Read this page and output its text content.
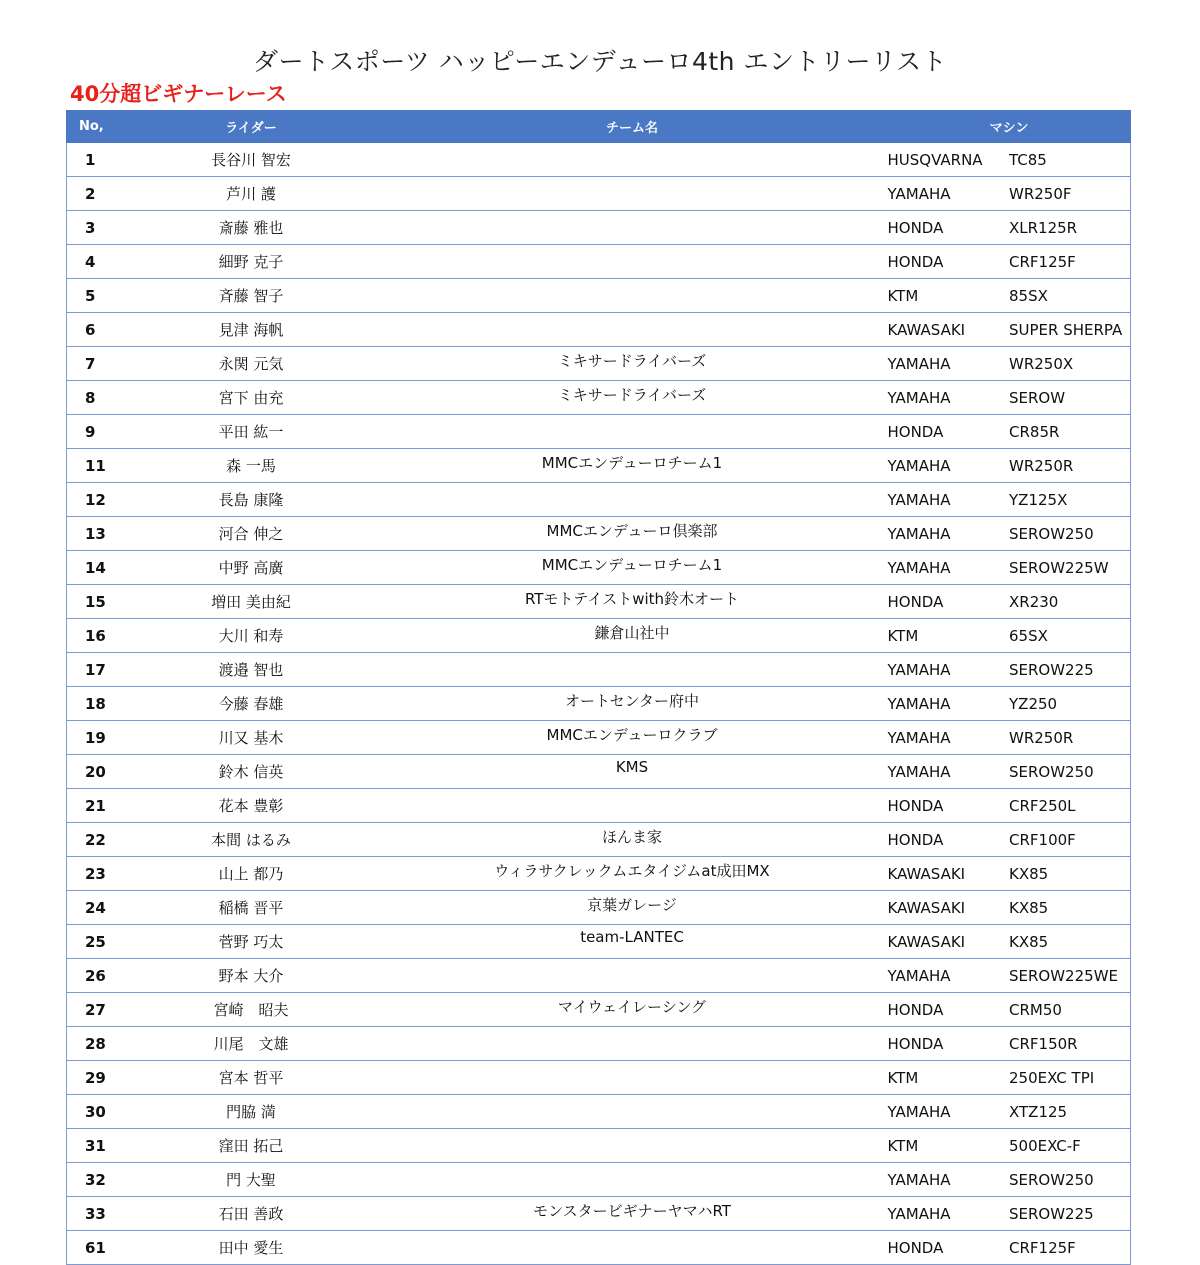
ダートスポーツ ハッピーエンデューロ4th エントリーリスト
40分超ビギナーレース
No,	ライダー	チーム名	マシン	
1	長谷川 智宏		HUSQVARNA	TC85
2	芦川 護		YAMAHA	WR250F
3	斎藤 雅也		HONDA	XLR125R
4	細野 克子		HONDA	CRF125F
5	斉藤 智子		KTM	85SX
6	見津 海帆		KAWASAKI	SUPER SHERPA
7	永関 元気	ミキサードライバーズ	YAMAHA	WR250X
8	宮下 由充	ミキサードライバーズ	YAMAHA	SEROW
9	平田 紘一		HONDA	CR85R
11	森 一馬	MMCエンデューロチーム1	YAMAHA	WR250R
12	長島 康隆		YAMAHA	YZ125X
13	河合 伸之	MMCエンデューロ倶楽部	YAMAHA	SEROW250
14	中野 高廣	MMCエンデューロチーム1	YAMAHA	SEROW225W
15	増田 美由紀	RTモトテイストwith鈴木オート	HONDA	XR230
16	大川 和寿	鎌倉山社中	KTM	65SX
17	渡邉 智也		YAMAHA	SEROW225
18	今藤 春雄	オートセンター府中	YAMAHA	YZ250
19	川又 基木	MMCエンデューロクラブ	YAMAHA	WR250R
20	鈴木 信英	KMS	YAMAHA	SEROW250
21	花本 豊彰		HONDA	CRF250L
22	本間 はるみ	ほんま家	HONDA	CRF100F
23	山上 都乃	ウィラサクレックムエタイジムat成田MX	KAWASAKI	KX85
24	稲橋 晋平	京葉ガレージ	KAWASAKI	KX85
25	菅野 巧太	team-LANTEC	KAWASAKI	KX85
26	野本 大介		YAMAHA	SEROW225WE
27	宮崎　昭夫	マイウェイレーシング	HONDA	CRM50
28	川尾　文雄		HONDA	CRF150R
29	宮本 哲平		KTM	250EXC TPI
30	門脇 満		YAMAHA	XTZ125
31	窪田 拓己		KTM	500EXC-F
32	門 大聖		YAMAHA	SEROW250
33	石田 善政	モンスタービギナーヤマハRT	YAMAHA	SEROW225
61	田中 愛生		HONDA	CRF125F
